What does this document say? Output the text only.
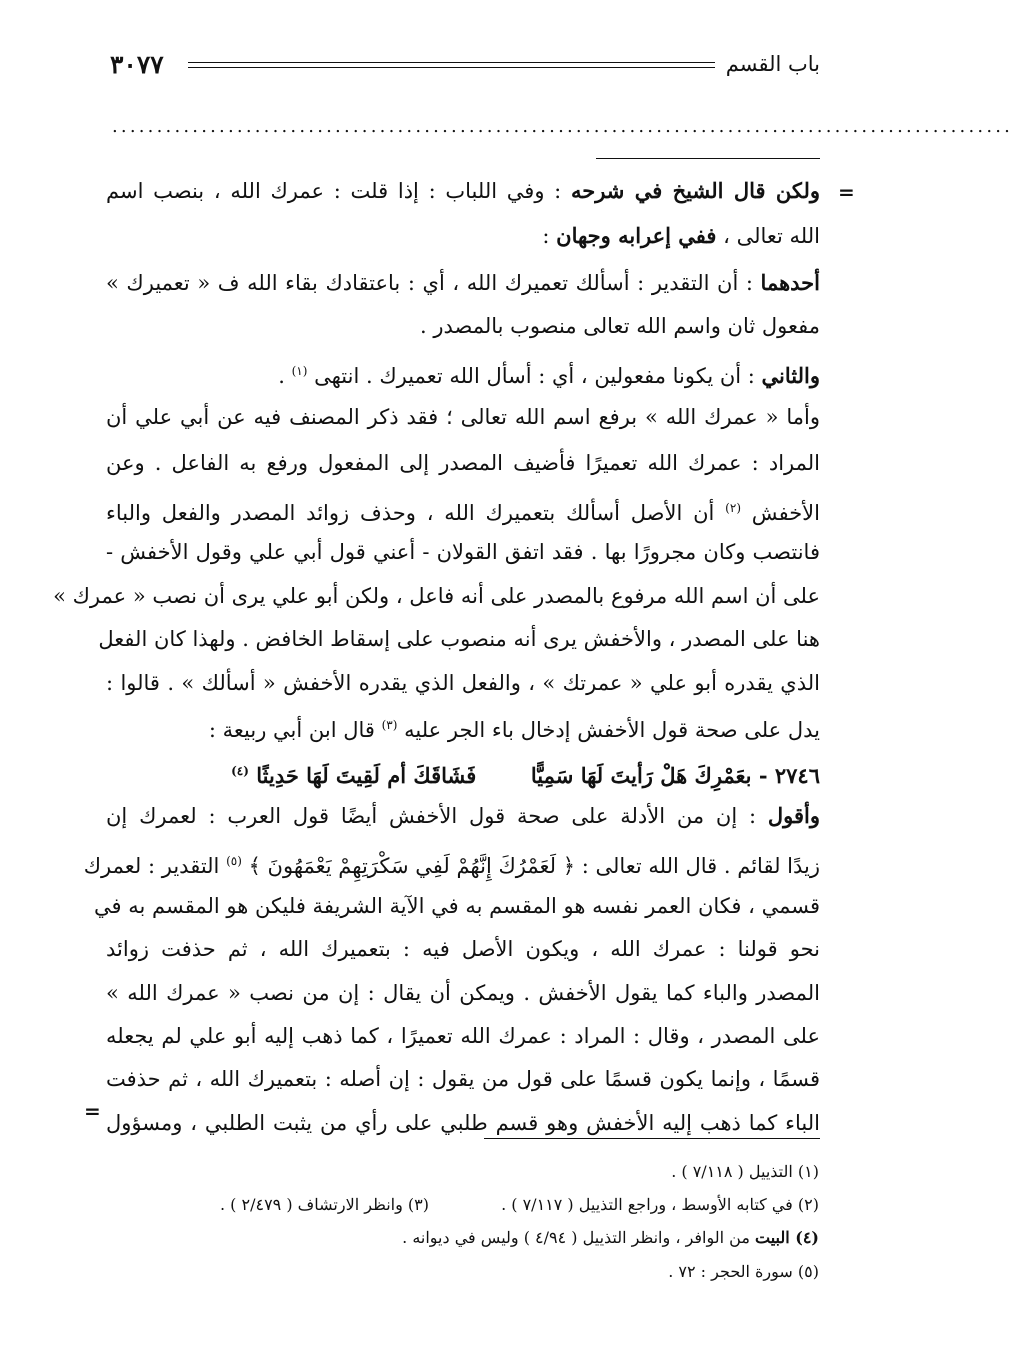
٣٠٧٧	باب القسم
.....................................................................................................
=
=
ولكن قال الشيخ في شرحه : وفي اللباب : إذا قلت : عمرك الله ، بنصب اسم
الله تعالى ، ففي إعرابه وجهان :
أحدهما : أن التقدير : أسألك تعميرك الله ، أي : باعتقادك بقاء الله ف « تعميرك »
مفعول ثان واسم الله تعالى منصوب بالمصدر .
والثاني : أن يكونا مفعولين ، أي : أسأل الله تعميرك . انتهى $^{(١)}$ .
وأما « عمرك الله » برفع اسم الله تعالى ؛ فقد ذكر المصنف فيه عن أبي علي أن
المراد : عمرك الله تعميرًا فأضيف المصدر إلى المفعول ورفع به الفاعل . وعن
الأخفش $^{(٢)}$ أن الأصل أسألك بتعميرك الله ، وحذف زوائد المصدر والفعل والباء
فانتصب وكان مجرورًا بها . فقد اتفق القولان - أعني قول أبي علي وقول الأخفش -
على أن اسم الله مرفوع بالمصدر على أنه فاعل ، ولكن أبو علي يرى أن نصب « عمرك »
هنا على المصدر ، والأخفش يرى أنه منصوب على إسقاط الخافض . ولهذا كان الفعل
الذي يقدره أبو علي « عمرتك » ، والفعل الذي يقدره الأخفش « أسألك » . قالوا :
يدل على صحة قول الأخفش إدخال باء الجر عليه $^{(٣)}$ قال ابن أبي ربيعة :
٢٧٤٦ - بعَمْرِكَ هَلْ رَأيتَ لَهَا سَمِيًّا  فَشَاقَكَ أم لَقِيتَ لَهَا حَدِيثًا $^{(٤)}$
وأقول : إن من الأدلة على صحة قول الأخفش أيضًا قول العرب : لعمرك إن
زيدًا لقائم . قال الله تعالى : ﴿ لَعَمْرُكَ إِنَّهُمْ لَفِي سَكْرَتِهِمْ يَعْمَهُونَ ﴾ $^{(٥)}$ التقدير : لعمرك
قسمي ، فكان العمر نفسه هو المقسم به في الآية الشريفة فليكن هو المقسم به في
نحو قولنا : عمرك الله ، ويكون الأصل فيه : بتعميرك الله ، ثم حذفت زوائد
المصدر والباء كما يقول الأخفش . ويمكن أن يقال : إن من نصب « عمرك الله »
على المصدر ، وقال : المراد : عمرك الله تعميرًا ، كما ذهب إليه أبو علي لم يجعله
قسمًا ، وإنما يكون قسمًا على قول من يقول : إن أصله : بتعميرك الله ، ثم حذفت
الباء كما ذهب إليه الأخفش وهو قسم طلبي على رأي من يثبت الطلبي ، ومسؤول
(١) التذييل ( ٧/١١٨ ) .
(٢) في كتابه الأوسط ، وراجع التذييل ( ٧/١١٧ ) .
(٣) وانظر الارتشاف ( ٢/٤٧٩ ) .
(٤) البيت من الوافر ، وانظر التذييل ( ٤/٩٤ ) وليس في ديوانه .
(٥) سورة الحجر : ٧٢ .
